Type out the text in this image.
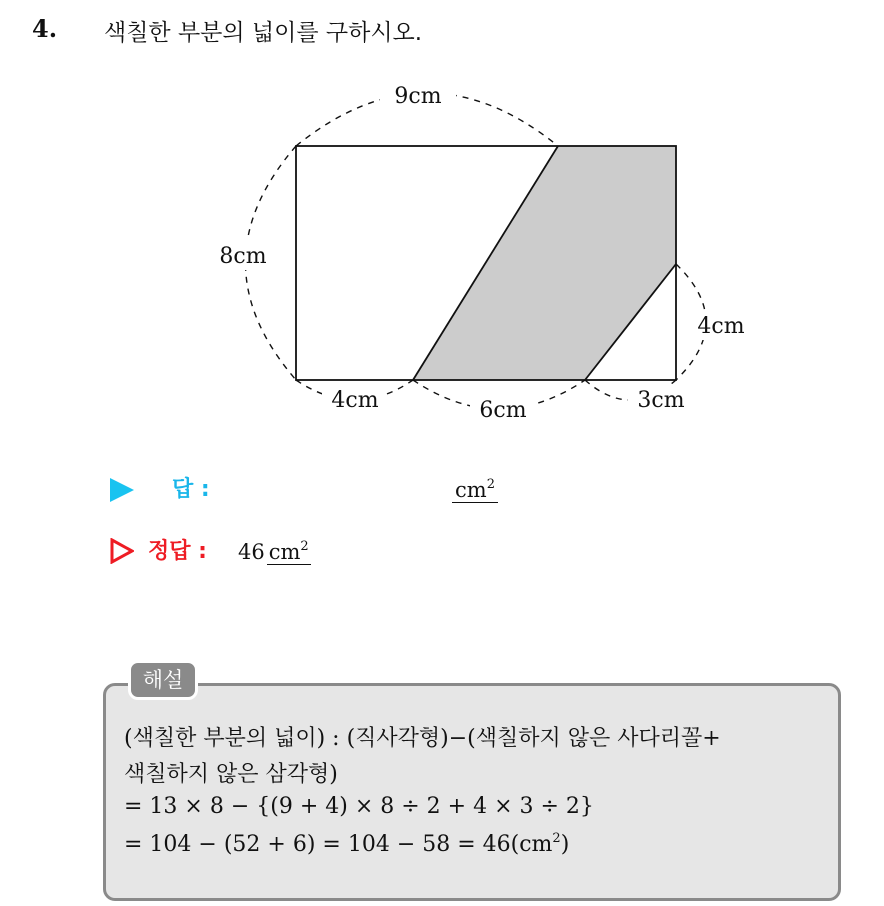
4. 색칠한 부분의 넓이를 구하시오.
9cm
8cm
4cm
4cm	6cm	3cm
답 :	$cm^2$
정답 : 46 $cm^2$
해설
(색칠한 부분의 넓이) : (직사각형)−(색칠하지 않은 사다리꼴+
색칠하지 않은 삼각형)
= 13 × 8 − {(9 + 4) × 8 ÷ 2 + 4 × 3 ÷ 2}
= $104 - (52 + 6) = 104 - 58 = 46(cm^2)$
